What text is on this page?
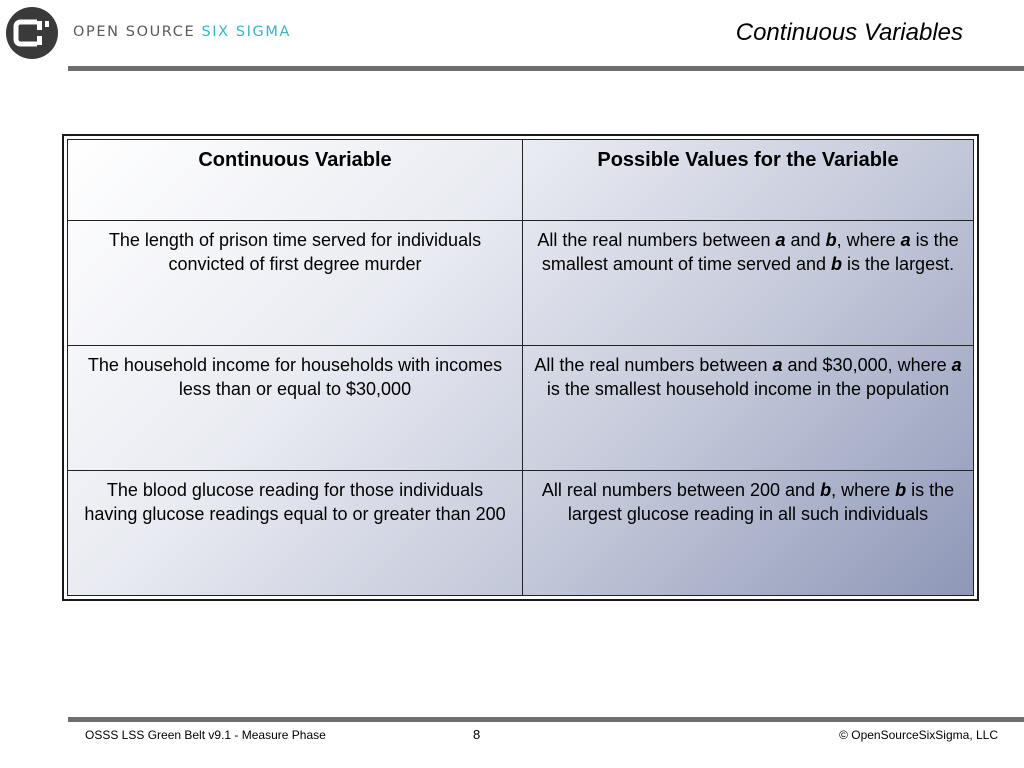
OPEN SOURCE SIX SIGMA	Continuous Variables
Continuous Variable	Possible Values for the Variable
The length of prison time served for individuals convicted of first degree murder	All the real numbers between a and b, where a is the smallest amount of time served and b is the largest.
The household income for households with incomes less than or equal to $30,000	All the real numbers between a and $30,000, where a is the smallest household income in the population
The blood glucose reading for those individuals having glucose readings equal to or greater than 200	All real numbers between 200 and b, where b is the largest glucose reading in all such individuals
OSSS LSS Green Belt v9.1 - Measure Phase	8	© OpenSourceSixSigma, LLC
